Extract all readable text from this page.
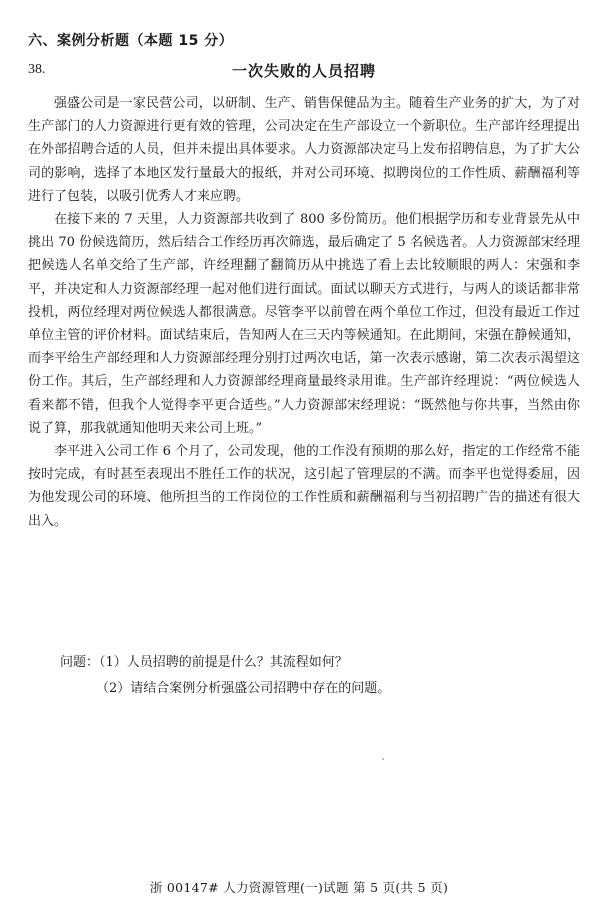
六、案例分析题（本题 15 分）
38.	一次失败的人员招聘

强盛公司是一家民营公司，以研制、生产、销售保健品为主。随着生产业务的扩大，为了对生产部门的人力资源进行更有效的管理，公司决定在生产部设立一个新职位。生产部许经理提出在外部招聘合适的人员，但并未提出具体要求。人力资源部决定马上发布招聘信息，为了扩大公司的影响，选择了本地区发行量最大的报纸，并对公司环境、拟聘岗位的工作性质、薪酬福利等进行了包装，以吸引优秀人才来应聘。

在接下来的 7 天里，人力资源部共收到了 800 多份简历。他们根据学历和专业背景先从中挑出 70 份候选简历，然后结合工作经历再次筛选，最后确定了 5 名候选者。人力资源部宋经理把候选人名单交给了生产部，许经理翻了翻简历从中挑选了看上去比较顺眼的两人：宋强和李平，并决定和人力资源部经理一起对他们进行面试。面试以聊天方式进行，与两人的谈话都非常投机，两位经理对两位候选人都很满意。尽管李平以前曾在两个单位工作过，但没有最近工作过单位主管的评价材料。面试结束后，告知两人在三天内等候通知。在此期间，宋强在静候通知，而李平给生产部经理和人力资源部经理分别打过两次电话，第一次表示感谢，第二次表示渴望这份工作。其后，生产部经理和人力资源部经理商量最终录用谁。生产部许经理说：“两位候选人看来都不错，但我个人觉得李平更合适些。”人力资源部宋经理说：“既然他与你共事，当然由你说了算，那我就通知他明天来公司上班。”

李平进入公司工作 6 个月了，公司发现，他的工作没有预期的那么好，指定的工作经常不能按时完成，有时甚至表现出不胜任工作的状况，这引起了管理层的不满。而李平也觉得委屈，因为他发现公司的环境、他所担当的工作岗位的工作性质和薪酬福利与当初招聘广告的描述有很大出入。

问题：（1）人员招聘的前提是什么？其流程如何？
（2）请结合案例分析强盛公司招聘中存在的问题。
浙 00147# 人力资源管理(一)试题 第 5 页(共 5 页)
